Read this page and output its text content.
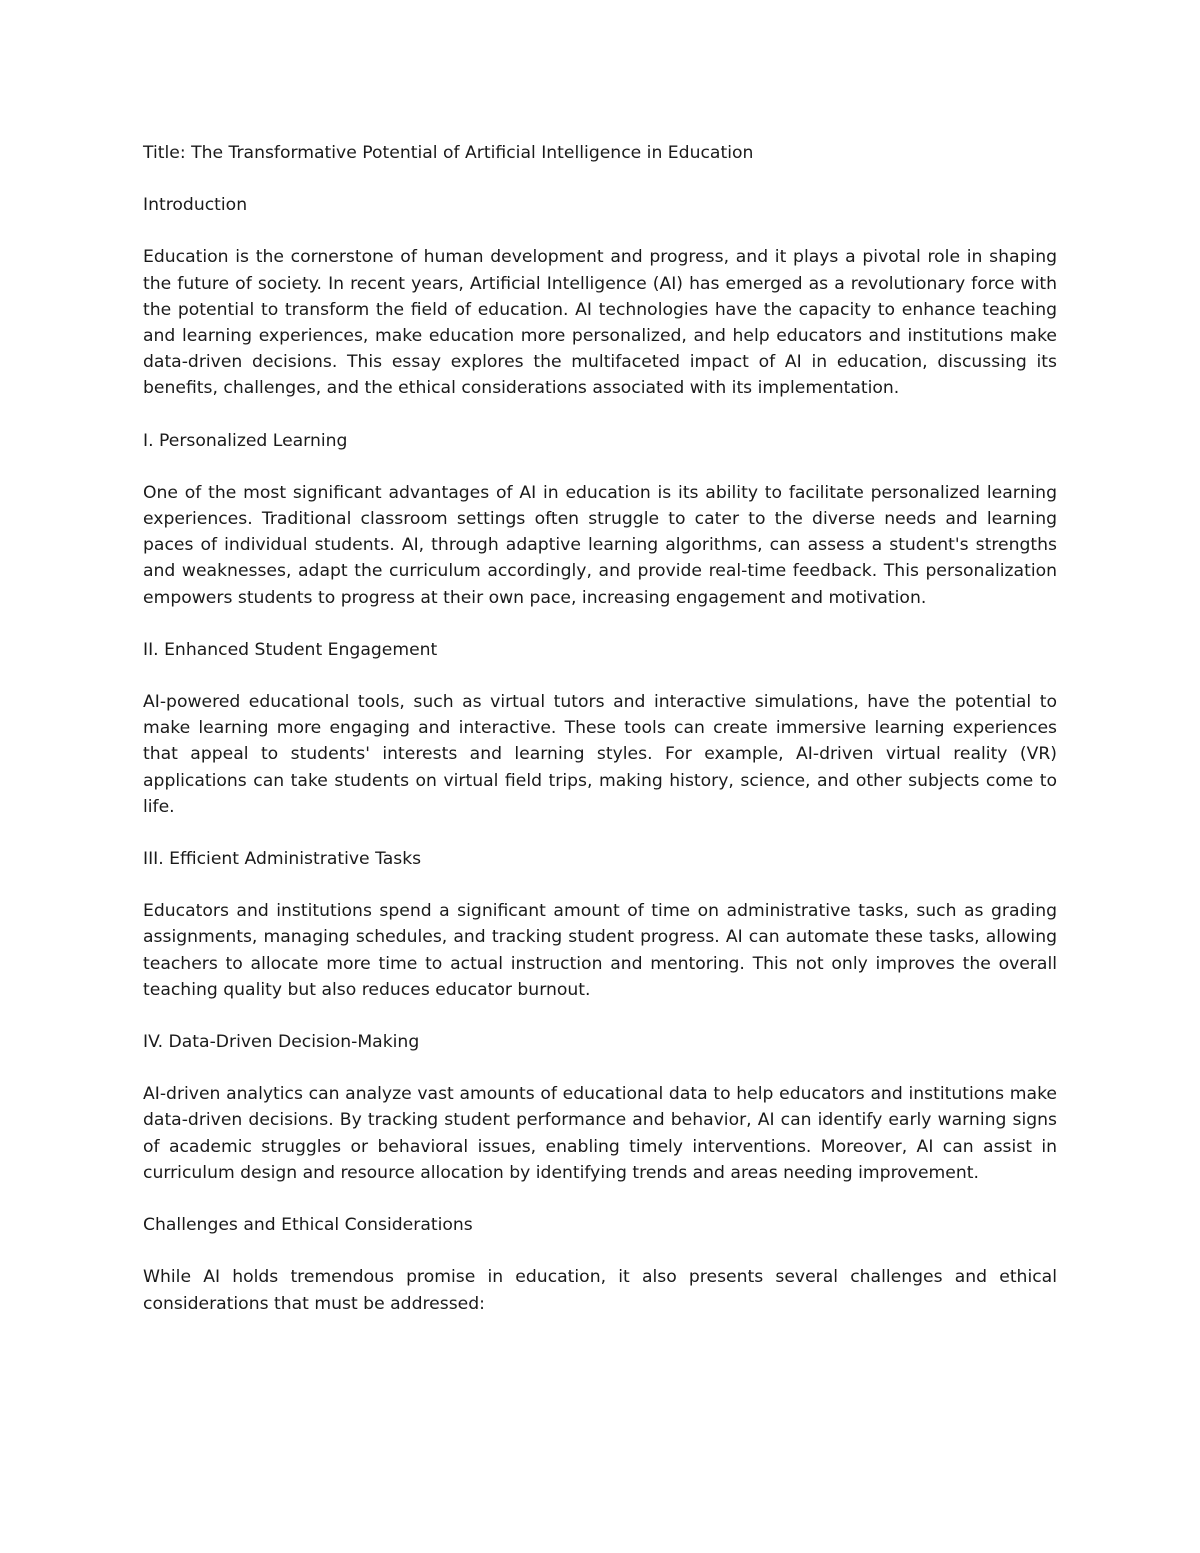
Title: The Transformative Potential of Artificial Intelligence in Education

Introduction

Education is the cornerstone of human development and progress, and it plays a pivotal role in shaping the future of society. In recent years, Artificial Intelligence (AI) has emerged as a revolutionary force with the potential to transform the field of education. AI technologies have the capacity to enhance teaching and learning experiences, make education more personalized, and help educators and institutions make data-driven decisions. This essay explores the multifaceted impact of AI in education, discussing its benefits, challenges, and the ethical considerations associated with its implementation.

I. Personalized Learning

One of the most significant advantages of AI in education is its ability to facilitate personalized learning experiences. Traditional classroom settings often struggle to cater to the diverse needs and learning paces of individual students. AI, through adaptive learning algorithms, can assess a student's strengths and weaknesses, adapt the curriculum accordingly, and provide real-time feedback. This personalization empowers students to progress at their own pace, increasing engagement and motivation.

II. Enhanced Student Engagement

AI-powered educational tools, such as virtual tutors and interactive simulations, have the potential to make learning more engaging and interactive. These tools can create immersive learning experiences that appeal to students' interests and learning styles. For example, AI-driven virtual reality (VR) applications can take students on virtual field trips, making history, science, and other subjects come to life.

III. Efficient Administrative Tasks

Educators and institutions spend a significant amount of time on administrative tasks, such as grading assignments, managing schedules, and tracking student progress. AI can automate these tasks, allowing teachers to allocate more time to actual instruction and mentoring. This not only improves the overall teaching quality but also reduces educator burnout.

IV. Data-Driven Decision-Making

AI-driven analytics can analyze vast amounts of educational data to help educators and institutions make data-driven decisions. By tracking student performance and behavior, AI can identify early warning signs of academic struggles or behavioral issues, enabling timely interventions. Moreover, AI can assist in curriculum design and resource allocation by identifying trends and areas needing improvement.

Challenges and Ethical Considerations

While AI holds tremendous promise in education, it also presents several challenges and ethical considerations that must be addressed:
